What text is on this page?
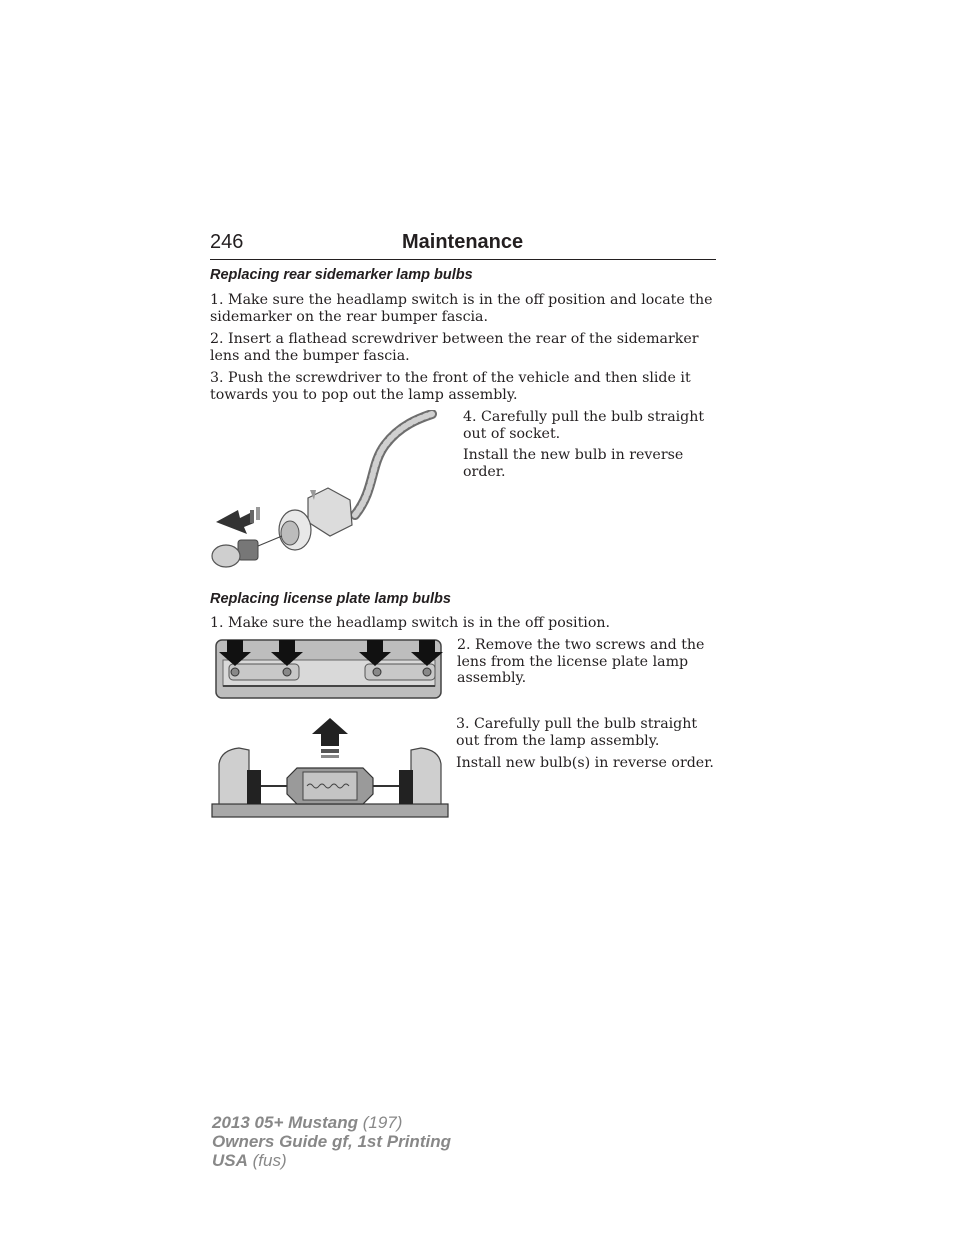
246	Maintenance
Replacing rear sidemarker lamp bulbs

1. Make sure the headlamp switch is in the off position and locate the sidemarker on the rear bumper fascia.

2. Insert a flathead screwdriver between the rear of the sidemarker lens and the bumper fascia.

3. Push the screwdriver to the front of the vehicle and then slide it towards you to pop out the lamp assembly.

4. Carefully pull the bulb straight out of socket.

Install the new bulb in reverse order.

Replacing license plate lamp bulbs

1. Make sure the headlamp switch is in the off position.

2. Remove the two screws and the lens from the license plate lamp assembly.

3. Carefully pull the bulb straight out from the lamp assembly.

Install new bulb(s) in reverse order.

2013 05+ Mustang (197)
Owners Guide gf, 1st Printing
USA (fus)
